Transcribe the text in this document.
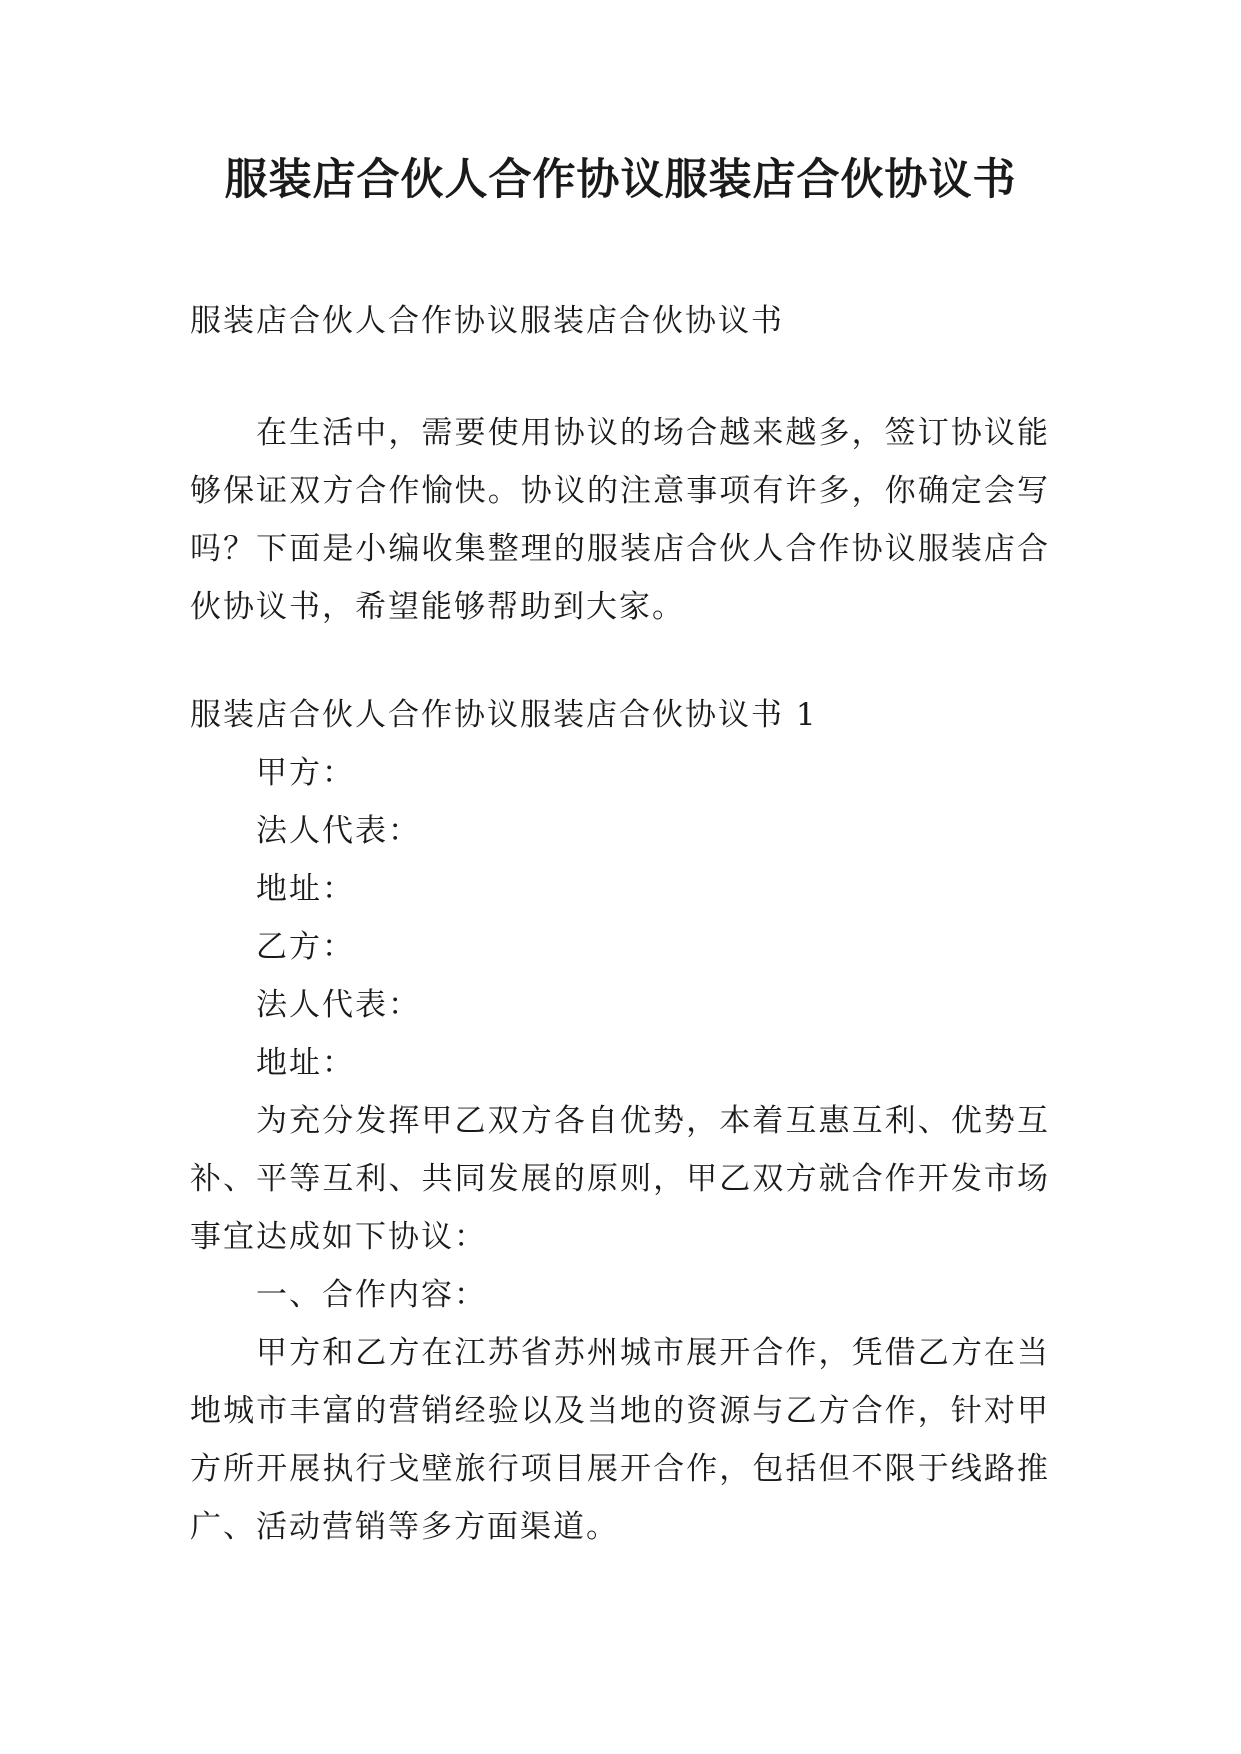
服装店合伙人合作协议服装店合伙协议书

服装店合伙人合作协议服装店合伙协议书

在生活中，需要使用协议的场合越来越多，签订协议能够保证双方合作愉快。协议的注意事项有许多，你确定会写吗？下面是小编收集整理的服装店合伙人合作协议服装店合伙协议书，希望能够帮助到大家。

服装店合伙人合作协议服装店合伙协议书 1

甲方：

法人代表：

地址：

乙方：

法人代表：

地址：

为充分发挥甲乙双方各自优势，本着互惠互利、优势互补、平等互利、共同发展的原则，甲乙双方就合作开发市场事宜达成如下协议：

一、合作内容：

甲方和乙方在江苏省苏州城市展开合作，凭借乙方在当地城市丰富的营销经验以及当地的资源与乙方合作，针对甲方所开展执行戈壁旅行项目展开合作，包括但不限于线路推广、活动营销等多方面渠道。
